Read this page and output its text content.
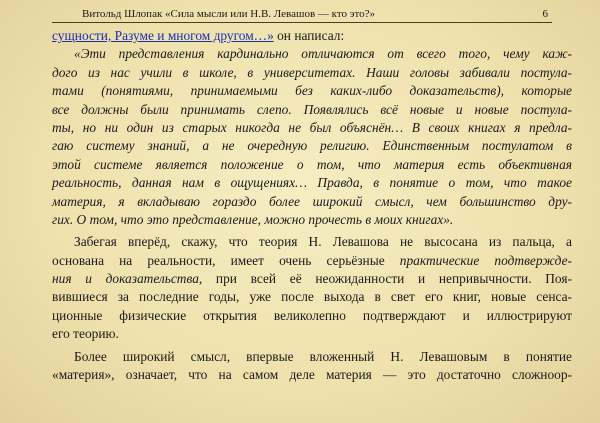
Витольд Шлопак «Сила мысли или Н.В. Левашов — кто это?»	6
сущности, Разуме и многом другом…» он написал:
«Эти представления кардинально отличаются от всего того, чему каж-
дого из нас учили в школе, в университетах. Наши головы забивали постула-
тами (понятиями, принимаемыми без каких-либо доказательств), которые
все должны были принимать слепо. Появлялись всё новые и новые постула-
ты, но ни один из старых никогда не был объяснён… В своих книгах я предла-
гаю систему знаний, а не очередную религию. Единственным постулатом в
этой системе является положение о том, что материя есть объективная
реальность, данная нам в ощущениях… Правда, в понятие о том, что такое
материя, я вкладываю гораздо более широкий смысл, чем большинство дру-
гих. О том, что это представление, можно прочесть в моих книгах».
Забегая вперёд, скажу, что теория Н. Левашова не высосана из пальца, а
основана на реальности, имеет очень серьёзные практические подтвержде-
ния и доказательства, при всей её неожиданности и непривычности. Поя-
вившиеся за последние годы, уже после выхода в свет его книг, новые сенса-
ционные физические открытия великолепно подтверждают и иллюстрируют
его теорию.
Более широкий смысл, впервые вложенный Н. Левашовым в понятие
«материя», означает, что на самом деле материя — это достаточно сложноор-
